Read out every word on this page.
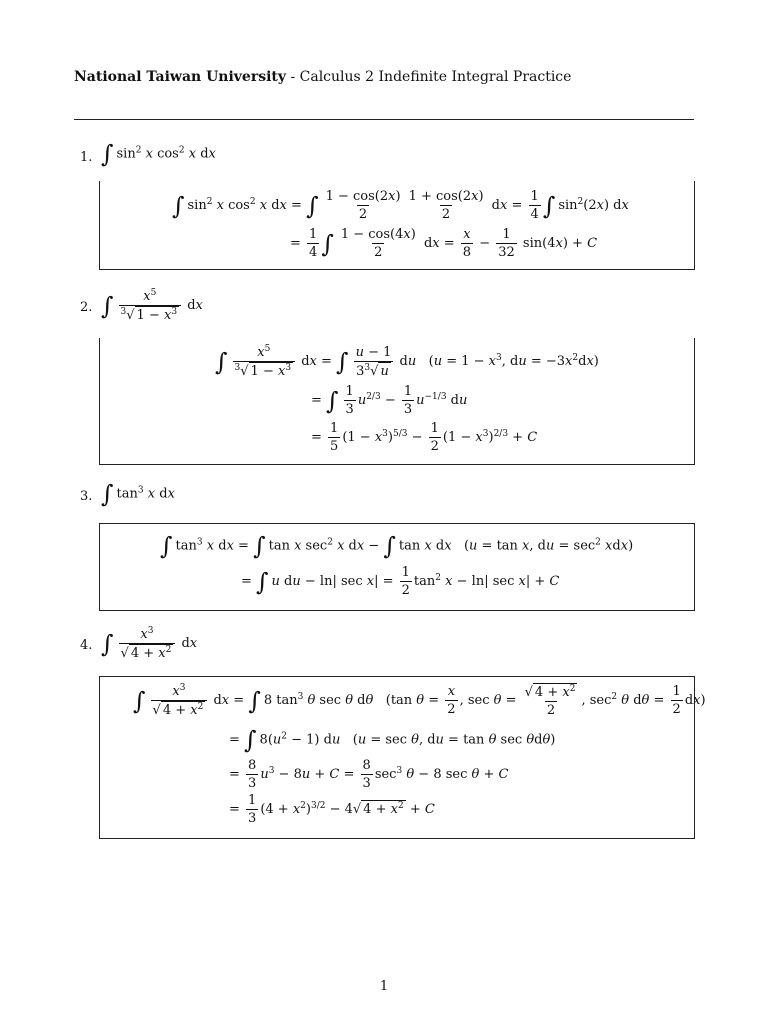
National Taiwan University - Calculus 2 Indefinite Integral Practice
1. ∫ $\sin^2 x$ $\cos^2 x$ dx
∫ $\sin^2 x$ $\cos^2 x$ dx = ∫ $\frac{1 - \cos(2x)}{2} \frac{1 + \cos(2x)}{2}$ dx = $\frac{1}{4}$ ∫ $\sin^2(2x)$ dx
= $\frac{1}{4}$ ∫ $\frac{1 - \cos(4x)}{2}$ dx = $\frac{x}{8} - \frac{1}{32} \sin(4x) + C$
2. ∫ $\frac{x^5}{^3√ 1 - x^3}$ dx
∫ $\frac{x^5}{^3√ 1 - x^3}$ dx = ∫ $\frac{u - 1}{3^3√ u}$ du   ($u = 1 - x^3$, du = $-3x^2dx$)
= ∫ $\frac{1}{3} u^{2/3} - \frac{1}{3} u^{-1/3}$ du
= $\frac{1}{5} (1 - x^3)^{5/3} - \frac{1}{2} (1 - x^3)^{2/3} + C$
3. ∫ $\tan^3 x$ dx
∫ $\tan^3 x$ dx = ∫ tan x $\sec^2 x$ dx − ∫ tan x dx   (u = tan x, du = $\sec^2 xdx$)
= ∫ u du − ln| $\sec x| = \frac{1}{2} \tan^2 x - \ln|$ sec x| + C
4. ∫ $\frac{x^3}{√ 4 + x^2}$ dx
∫ $\frac{x^3}{√ 4 + x^2}$ dx = ∫ 8 $\tan^3 \theta$ sec θ dθ   (tan $\theta = \frac{x}{2}$ , $\sec \theta = \frac{√ 4 + x^2}{2}$ , $\sec^2 \theta$ $d\theta = \frac{1}{2} dx$)
= ∫ $8(u^2 - 1)$ du   (u = sec θ, du = tan θ sec θdθ)
= $\frac{8}{3} u^3 - 8u + C = \frac{8}{3} \sec^3 \theta - 8$ sec θ + C
= $\frac{1}{3} (4 + x^2)^{3/2} - 4√$ $4 + x^2 + C$
1
